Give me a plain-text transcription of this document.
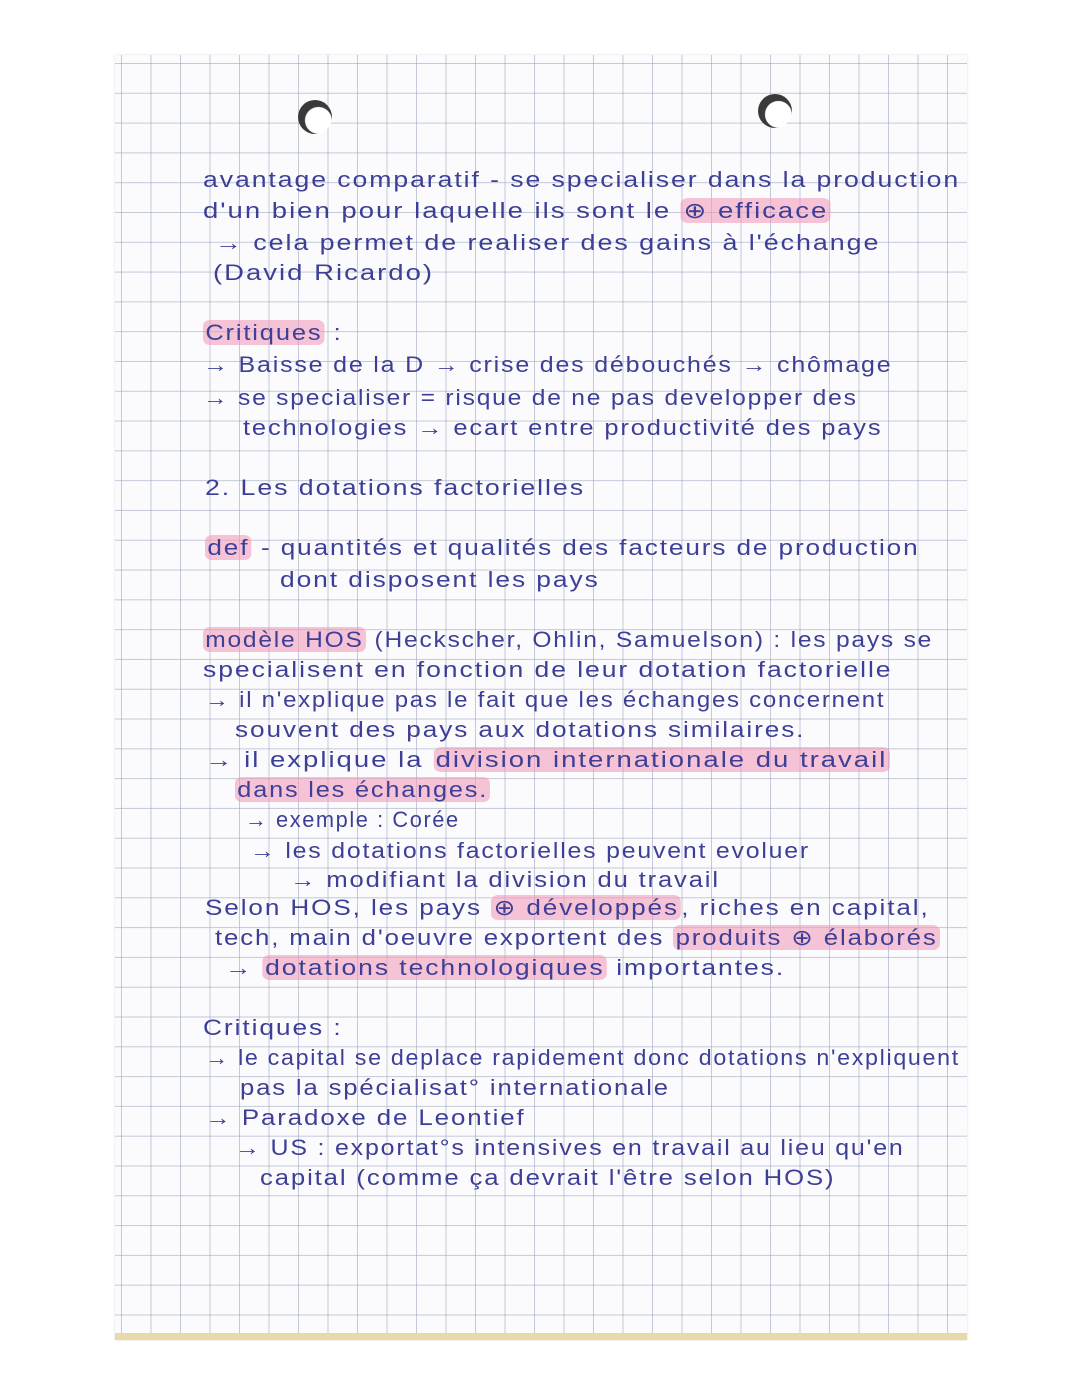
avantage comparatif - se specialiser dans la production
d'un bien pour laquelle ils sont le ⊕ efficace
→ cela permet de realiser des gains à l'échange
(David Ricardo)
Critiques :
→ Baisse de la D → crise des débouchés → chômage
→ se specialiser = risque de ne pas developper des
technologies → ecart entre productivité des pays
2. Les dotations factorielles
def - quantités et qualités des facteurs de production
dont disposent les pays
modèle HOS (Heckscher, Ohlin, Samuelson) : les pays se
specialisent en fonction de leur dotation factorielle
→ il n'explique pas le fait que les échanges concernent
souvent des pays aux dotations similaires.
→ il explique la division internationale du travail
dans les échanges.
→ exemple : Corée
→ les dotations factorielles peuvent evoluer
→ modifiant la division du travail
Selon HOS, les pays ⊕ développés , riches en capital,
tech, main d'oeuvre exportent des produits ⊕ élaborés
→ dotations technologiques importantes.
Critiques :
→ le capital se deplace rapidement donc dotations n'expliquent
pas la spécialisat° internationale
→ Paradoxe de Leontief
→ US : exportat°s intensives en travail au lieu qu'en
capital (comme ça devrait l'être selon HOS)
